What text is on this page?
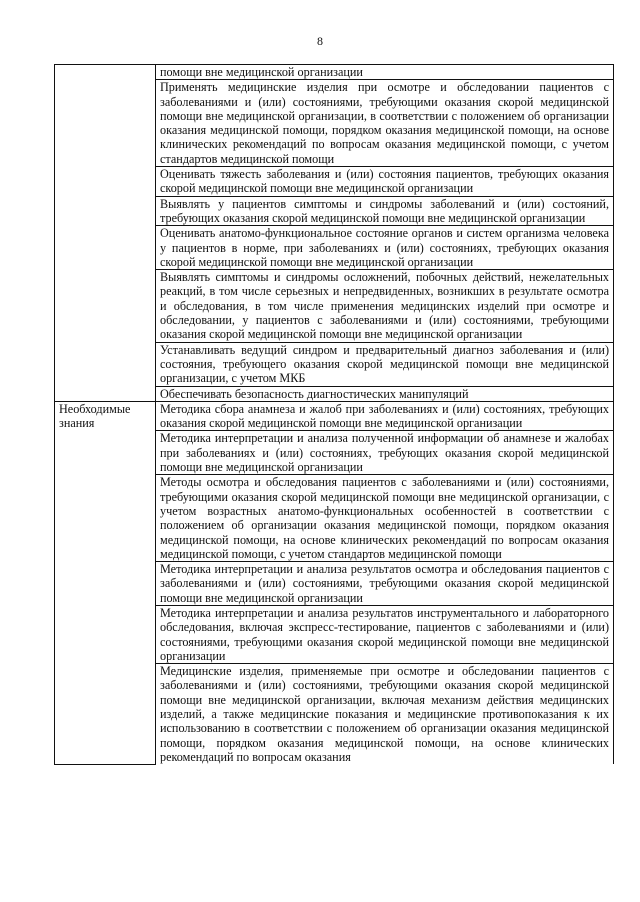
8

	помощи вне медицинской организации

	Применять медицинские изделия при осмотре и обследовании пациентов с заболеваниями и (или) состояниями, требующими оказания скорой медицинской помощи вне медицинской организации, в соответствии с положением об организации оказания медицинской помощи, порядком оказания медицинской помощи, на основе клинических рекомендаций по вопросам оказания медицинской помощи, с учетом стандартов медицинской помощи

	Оценивать тяжесть заболевания и (или) состояния пациентов, требующих оказания скорой медицинской помощи вне медицинской организации

	Выявлять у пациентов симптомы и синдромы заболеваний и (или) состояний, требующих оказания скорой медицинской помощи вне медицинской организации

	Оценивать анатомо-функциональное состояние органов и систем организма человека у пациентов в норме, при заболеваниях и (или) состояниях, требующих оказания скорой медицинской помощи вне медицинской организации

	Выявлять симптомы и синдромы осложнений, побочных действий, нежелательных реакций, в том числе серьезных и непредвиденных, возникших в результате осмотра и обследования, в том числе применения медицинских изделий при осмотре и обследовании, у пациентов с заболеваниями и (или) состояниями, требующими оказания скорой медицинской помощи вне медицинской организации

	Устанавливать ведущий синдром и предварительный диагноз заболевания и (или) состояния, требующего оказания скорой медицинской помощи вне медицинской организации, с учетом МКБ

	Обеспечивать безопасность диагностических манипуляций

Необходимые знания	Методика сбора анамнеза и жалоб при заболеваниях и (или) состояниях, требующих оказания скорой медицинской помощи вне медицинской организации

	Методика интерпретации и анализа полученной информации об анамнезе и жалобах при заболеваниях и (или) состояниях, требующих оказания скорой медицинской помощи вне медицинской организации

	Методы осмотра и обследования пациентов с заболеваниями и (или) состояниями, требующими оказания скорой медицинской помощи вне медицинской организации, с учетом возрастных анатомо-функциональных особенностей в соответствии с положением об организации оказания медицинской помощи, порядком оказания медицинской помощи, на основе клинических рекомендаций по вопросам оказания медицинской помощи, с учетом стандартов медицинской помощи

	Методика интерпретации и анализа результатов осмотра и обследования пациентов с заболеваниями и (или) состояниями, требующими оказания скорой медицинской помощи вне медицинской организации

	Методика интерпретации и анализа результатов инструментального и лабораторного обследования, включая экспресс-тестирование, пациентов с заболеваниями и (или) состояниями, требующими оказания скорой медицинской помощи вне медицинской организации

	Медицинские изделия, применяемые при осмотре и обследовании пациентов с заболеваниями и (или) состояниями, требующими оказания скорой медицинской помощи вне медицинской организации, включая механизм действия медицинских изделий, а также медицинские показания и медицинские противопоказания к их использованию в соответствии с положением об организации оказания медицинской помощи, порядком оказания медицинской помощи, на основе клинических рекомендаций по вопросам оказания
